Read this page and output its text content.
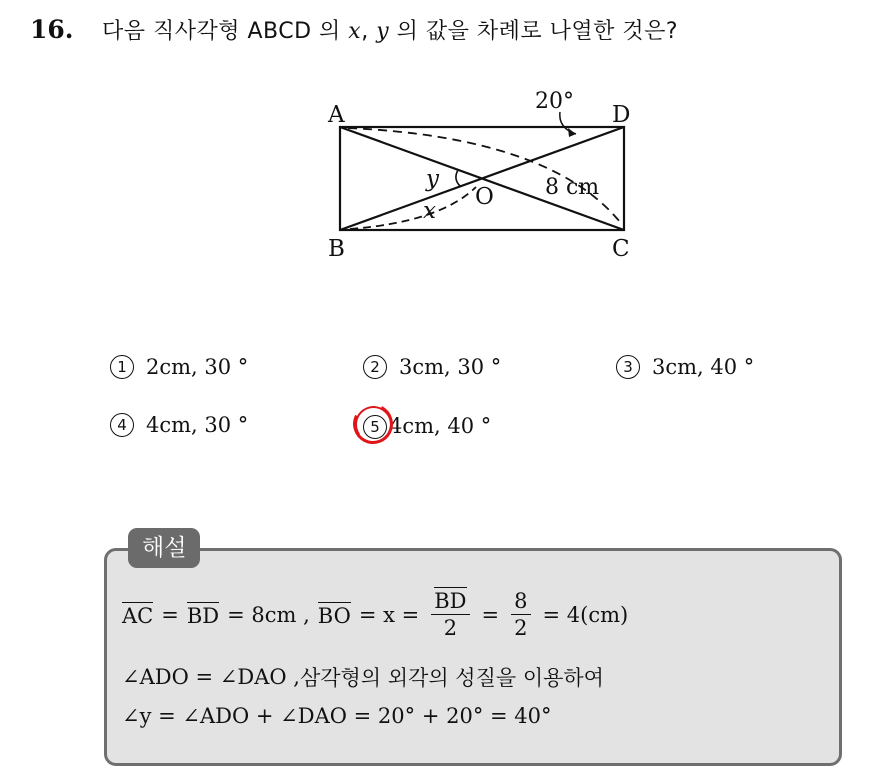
16.	다음 직사각형 ABCD 의 x, y 의 값을 차례로 나열한 것은?
A	D
B	C
O
20°
8 cm
y
x
1 2cm, 30 °	2 3cm, 30 °	3 3cm, 40 °
4 4cm, 30 °	5 4cm, 40 °
해설
AC = BD = 8cm , BO = $x = \frac{BD}{2} = \frac{8}{2} = 4(cm)$
∠ADO = ∠DAO , 삼각형의 외각의 성질을 이용하여
∠y = ∠ADO + ∠DAO = 20° + 20° = 40°
